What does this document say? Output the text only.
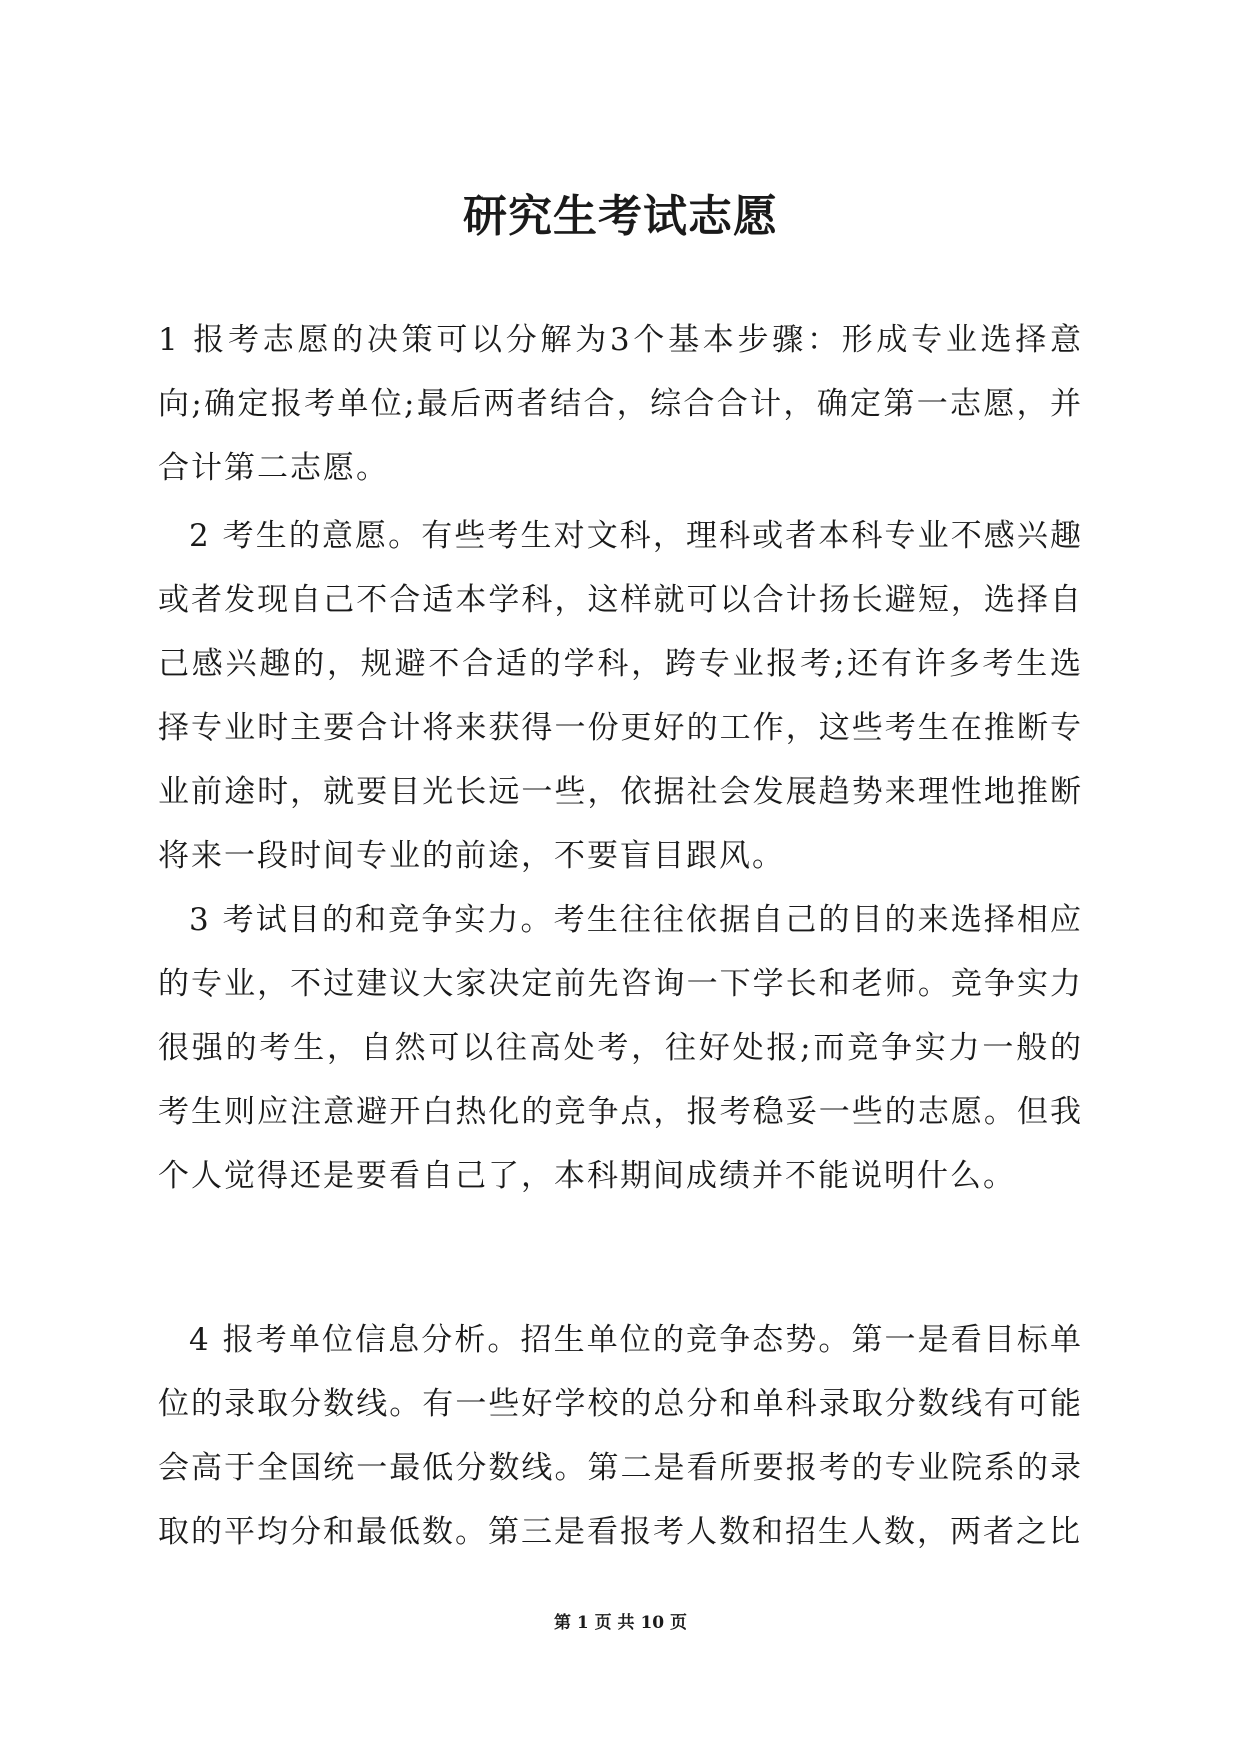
研究生考试志愿

1 报考志愿的决策可以分解为3个基本步骤：形成专业选择意向;确定报考单位;最后两者结合，综合合计，确定第一志愿，并合计第二志愿。

2 考生的意愿。有些考生对文科，理科或者本科专业不感兴趣或者发现自己不合适本学科，这样就可以合计扬长避短，选择自己感兴趣的，规避不合适的学科，跨专业报考;还有许多考生选择专业时主要合计将来获得一份更好的工作，这些考生在推断专业前途时，就要目光长远一些，依据社会发展趋势来理性地推断将来一段时间专业的前途，不要盲目跟风。

3 考试目的和竞争实力。考生往往依据自己的目的来选择相应的专业，不过建议大家决定前先咨询一下学长和老师。竞争实力很强的考生，自然可以往高处考，往好处报;而竞争实力一般的考生则应注意避开白热化的竞争点，报考稳妥一些的志愿。但我个人觉得还是要看自己了，本科期间成绩并不能说明什么。

4 报考单位信息分析。招生单位的竞争态势。第一是看目标单位的录取分数线。有一些好学校的总分和单科录取分数线有可能会高于全国统一最低分数线。第二是看所要报考的专业院系的录取的平均分和最低数。第三是看报考人数和招生人数，两者之比

第 1 页 共 10 页
